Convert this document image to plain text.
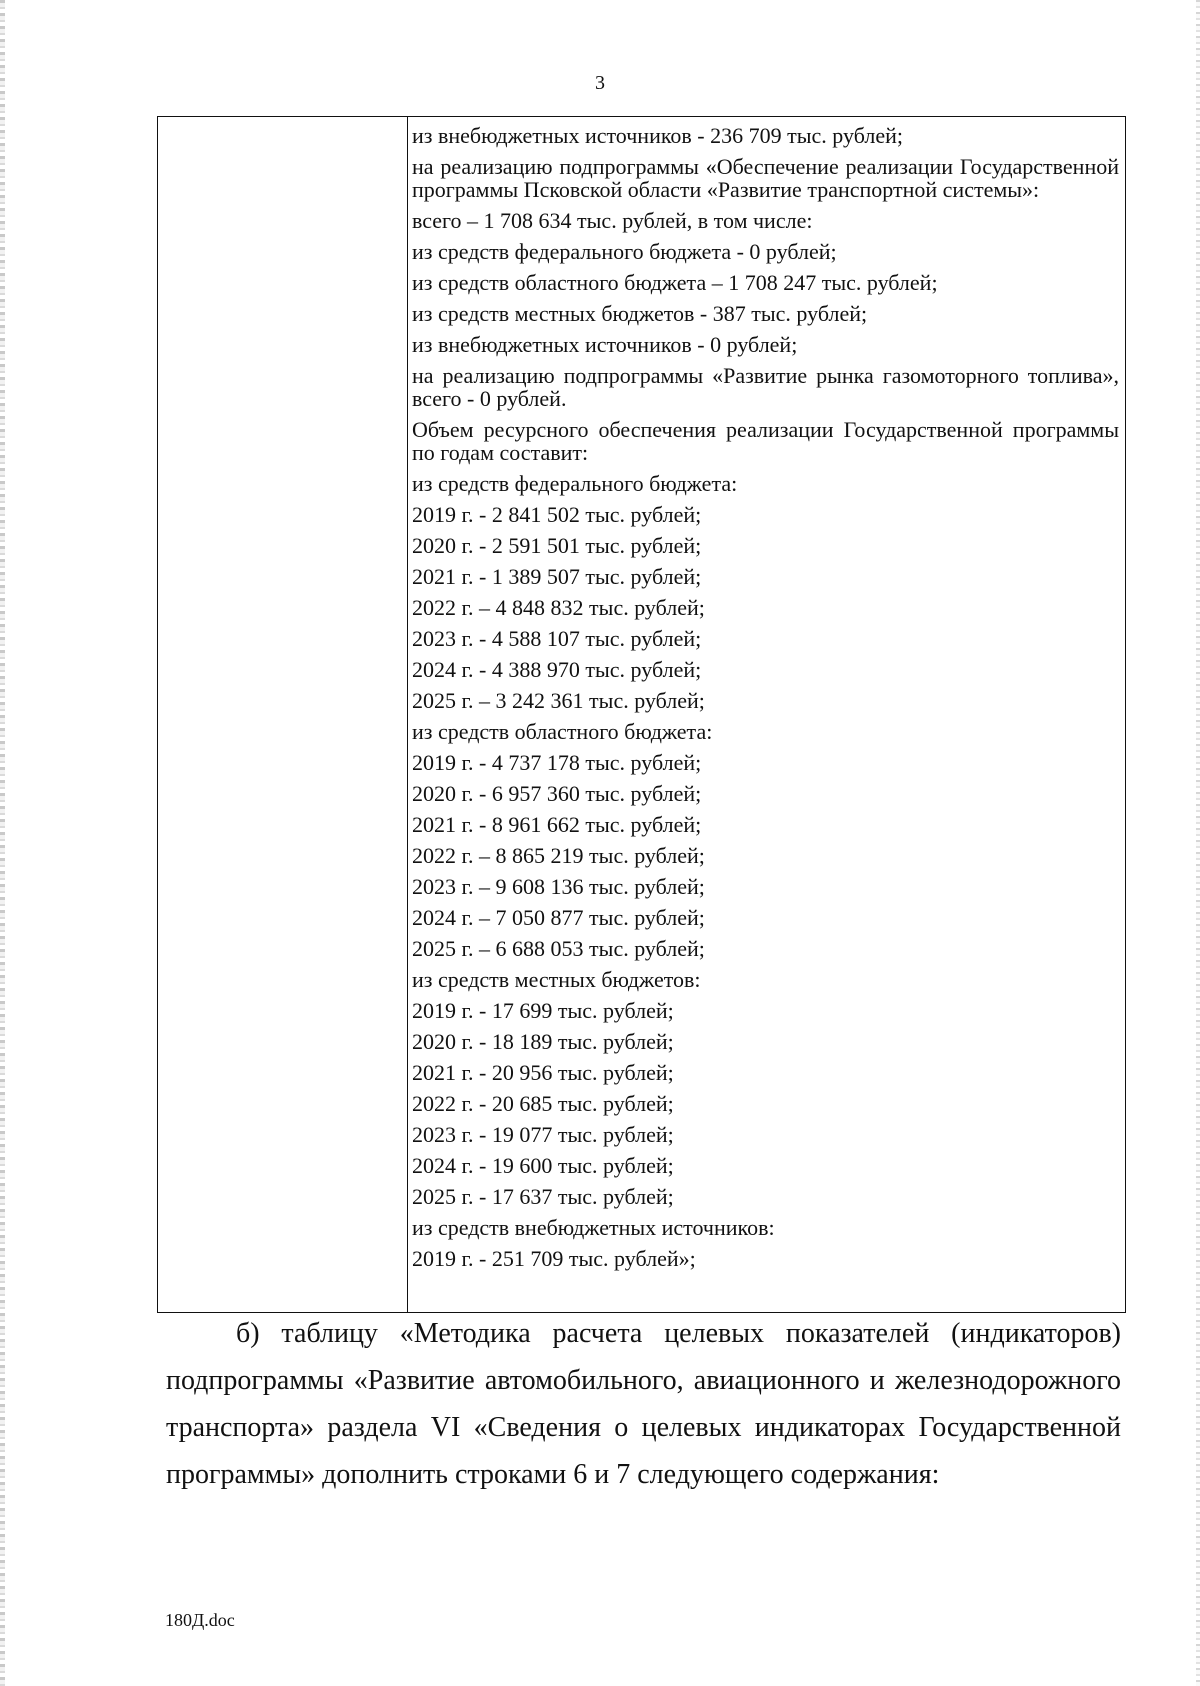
3
из внебюджетных источников - 236 709 тыс. рублей;
на реализацию подпрограммы «Обеспечение реализации Государственной программы Псковской области «Развитие транспортной системы»:
всего – 1 708 634 тыс. рублей, в том числе:
из средств федерального бюджета - 0 рублей;
из средств областного бюджета – 1 708 247 тыс. рублей;
из средств местных бюджетов - 387 тыс. рублей;
из внебюджетных источников - 0 рублей;
на реализацию подпрограммы «Развитие рынка газомоторного топлива», всего - 0 рублей.
Объем ресурсного обеспечения реализации Государственной программы по годам составит:
из средств федерального бюджета:
2019 г. - 2 841 502 тыс. рублей;
2020 г. - 2 591 501 тыс. рублей;
2021 г. - 1 389 507 тыс. рублей;
2022 г. – 4 848 832 тыс. рублей;
2023 г. - 4 588 107 тыс. рублей;
2024 г. - 4 388 970 тыс. рублей;
2025 г. – 3 242 361 тыс. рублей;
из средств областного бюджета:
2019 г. - 4 737 178 тыс. рублей;
2020 г. - 6 957 360 тыс. рублей;
2021 г. - 8 961 662 тыс. рублей;
2022 г. – 8 865 219 тыс. рублей;
2023 г. – 9 608 136 тыс. рублей;
2024 г. – 7 050 877 тыс. рублей;
2025 г. – 6 688 053 тыс. рублей;
из средств местных бюджетов:
2019 г. - 17 699 тыс. рублей;
2020 г. - 18 189 тыс. рублей;
2021 г. - 20 956 тыс. рублей;
2022 г. - 20 685 тыс. рублей;
2023 г. - 19 077 тыс. рублей;
2024 г. - 19 600 тыс. рублей;
2025 г. - 17 637 тыс. рублей;
из средств внебюджетных источников:
2019 г. - 251 709 тыс. рублей»;
б) таблицу «Методика расчета целевых показателей (индикаторов) подпрограммы «Развитие автомобильного, авиационного и железнодорожного транспорта» раздела VI «Сведения о целевых индикаторах Государственной программы» дополнить строками 6 и 7 следующего содержания:
180Д.doc
